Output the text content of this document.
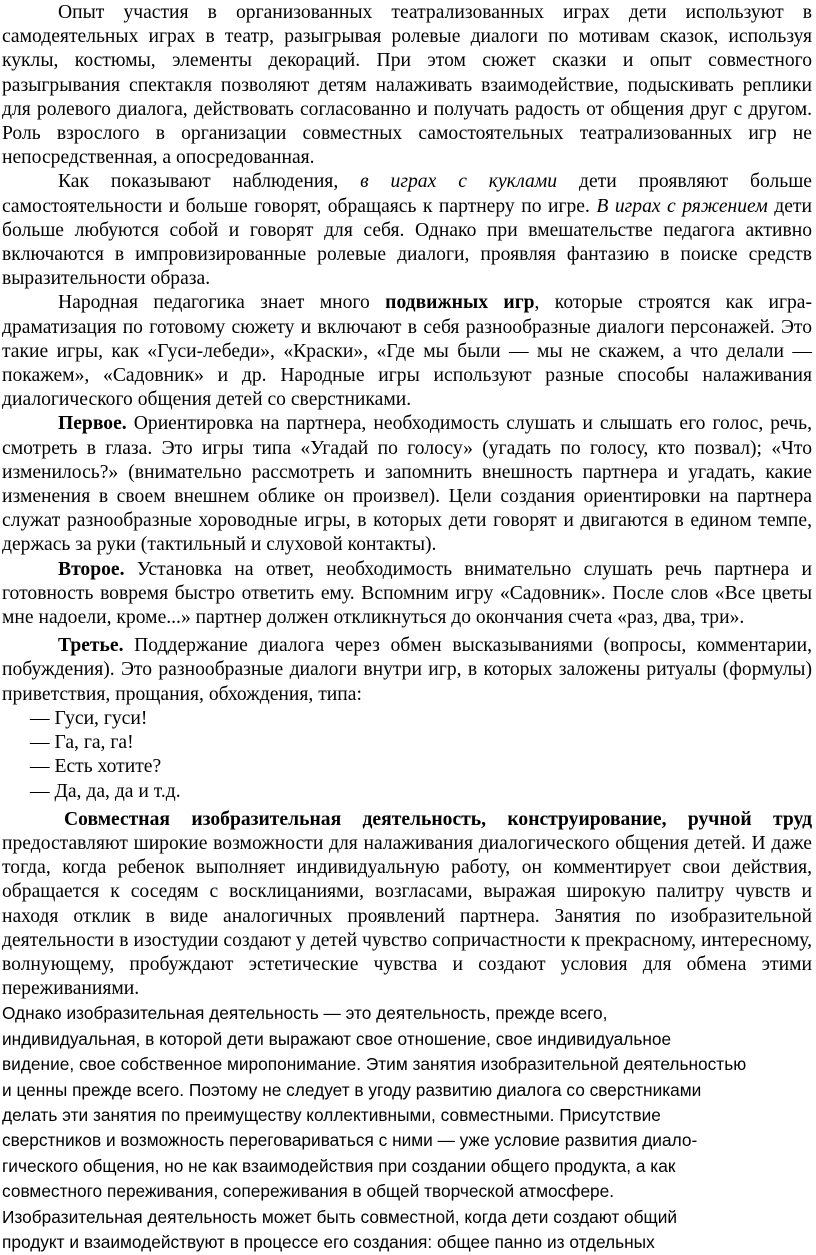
Опыт участия в организованных театрализованных играх дети используют в самодеятельных играх в театр, разыгрывая ролевые диалоги по мотивам сказок, используя куклы, костюмы, элементы декораций. При этом сюжет сказки и опыт совместного разыгрывания спектакля позволяют детям налаживать взаимодействие, подыскивать реплики для ролевого диалога, действовать согласованно и получать радость от общения друг с другом. Роль взрослого в организации совместных самостоятельных театрализованных игр не непосредственная, а опосредованная.

Как показывают наблюдения, в играх с куклами дети проявляют больше самостоятельности и больше говорят, обращаясь к партнеру по игре. В играх с ряжением дети больше любуются собой и говорят для себя. Однако при вмешательстве педагога активно включаются в импровизированные ролевые диалоги, проявляя фантазию в поиске средств выразительности образа.

Народная педагогика знает много подвижных игр, которые строятся как игра-драматизация по готовому сюжету и включают в себя разнообразные диалоги персонажей. Это такие игры, как «Гуси-лебеди», «Краски», «Где мы были — мы не скажем, а что делали — покажем», «Садовник» и др. Народные игры используют разные способы налаживания диалогического общения детей со сверстниками.

Первое. Ориентировка на партнера, необходимость слушать и слышать его голос, речь, смотреть в глаза. Это игры типа «Угадай по голосу» (угадать по голосу, кто позвал); «Что изменилось?» (внимательно рассмотреть и запомнить внешность партнера и угадать, какие изменения в своем внешнем облике он произвел). Цели создания ориентировки на партнера служат разнообразные хороводные игры, в которых дети говорят и двигаются в едином темпе, держась за руки (тактильный и слуховой контакты).

Второе. Установка на ответ, необходимость внимательно слушать речь партнера и готовность вовремя быстро ответить ему. Вспомним игру «Садовник». После слов «Все цветы мне надоели, кроме...» партнер должен откликнуться до окончания счета «раз, два, три».

Третье. Поддержание диалога через обмен высказываниями (вопросы, комментарии, побуждения). Это разнообразные диалоги внутри игр, в которых заложены ритуалы (формулы) приветствия, прощания, обхождения, типа:

— Гуси, гуси!

— Га, га, га!

— Есть хотите?

— Да, да, да и т.д.

Совместная изобразительная деятельность, конструирование, ручной труд предоставляют широкие возможности для налаживания диалогического общения детей. И даже тогда, когда ребенок выполняет индивидуальную работу, он комментирует свои действия, обращается к соседям с восклицаниями, возгласами, выражая широкую палитру чувств и находя отклик в виде аналогичных проявлений партнера. Занятия по изобразительной деятельности в изостудии создают у детей чувство сопричастности к прекрасному, интересному, волнующему, пробуждают эстетические чувства и создают условия для обмена этими переживаниями.

Однако изобразительная деятельность — это деятельность, прежде всего,

индивидуальная, в которой дети выражают свое отношение, свое индивидуальное

видение, свое собственное миропонимание. Этим занятия изобразительной деятельностью

и ценны прежде всего. Поэтому не следует в угоду развитию диалога со сверстниками

делать эти занятия по преимуществу коллективными, совместными. Присутствие

сверстников и возможность переговариваться с ними — уже условие развития диало-

гического общения, но не как взаимодействия при создании общего продукта, а как

совместного переживания, сопереживания в общей творческой атмосфере.

Изобразительная деятельность может быть совместной, когда дети создают общий

продукт и взаимодействуют в процессе его создания: общее панно из отдельных
